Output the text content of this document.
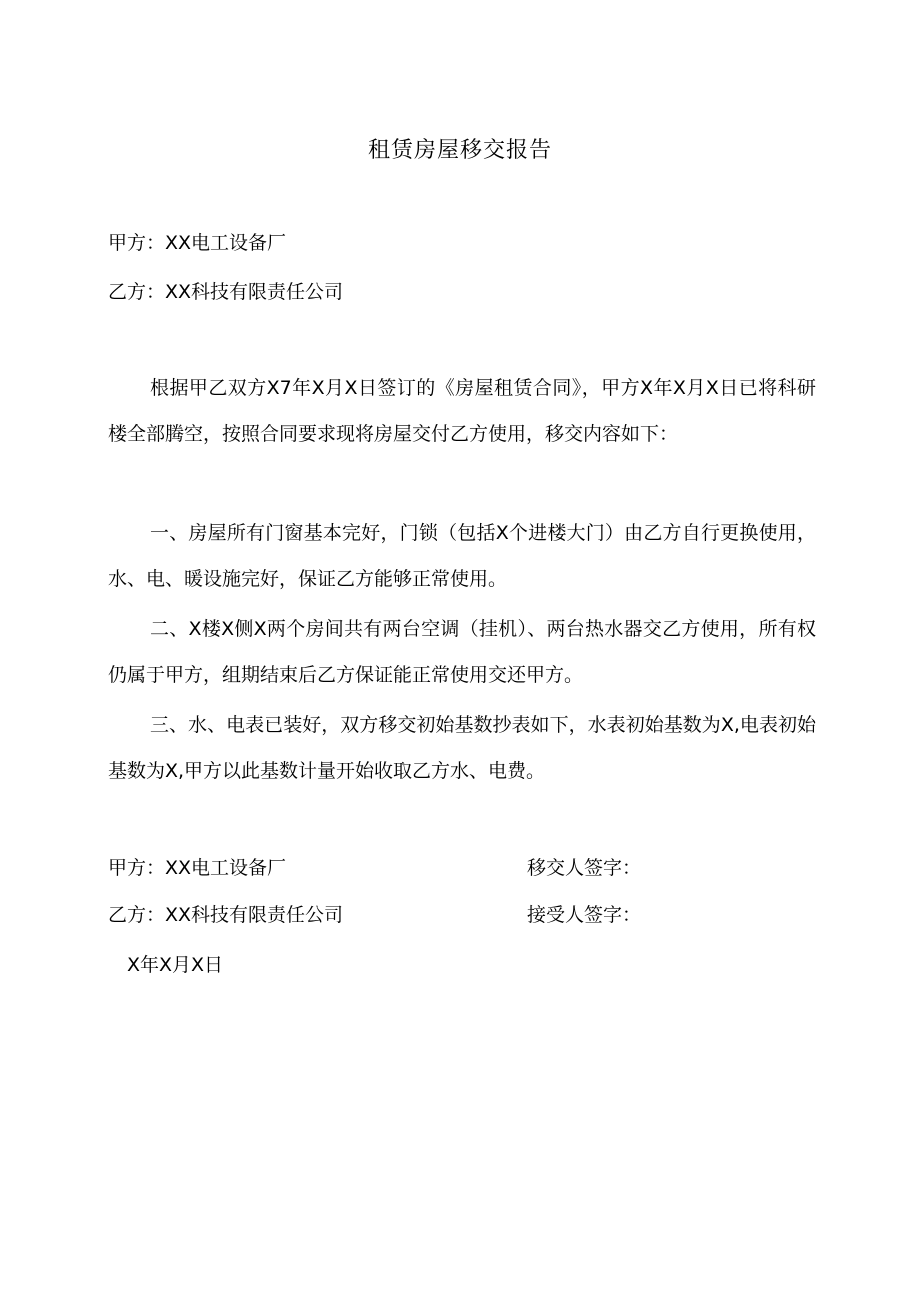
租赁房屋移交报告
甲方：XX电工设备厂
乙方：XX科技有限责任公司

根据甲乙双方X7年X月X日签订的《房屋租赁合同》，甲方X年X月X日已将科研楼全部腾空，按照合同要求现将房屋交付乙方使用，移交内容如下：

一、房屋所有门窗基本完好，门锁（包括X个进楼大门）由乙方自行更换使用，水、电、暖设施完好，保证乙方能够正常使用。

二、X楼X侧X两个房间共有两台空调（挂机）、两台热水器交乙方使用，所有权仍属于甲方，组期结束后乙方保证能正常使用交还甲方。

三、水、电表已装好，双方移交初始基数抄表如下，水表初始基数为X,电表初始基数为X,甲方以此基数计量开始收取乙方水、电费。

甲方：XX电工设备厂	移交人签字：
乙方：XX科技有限责任公司	接受人签字：
X年X月X日
